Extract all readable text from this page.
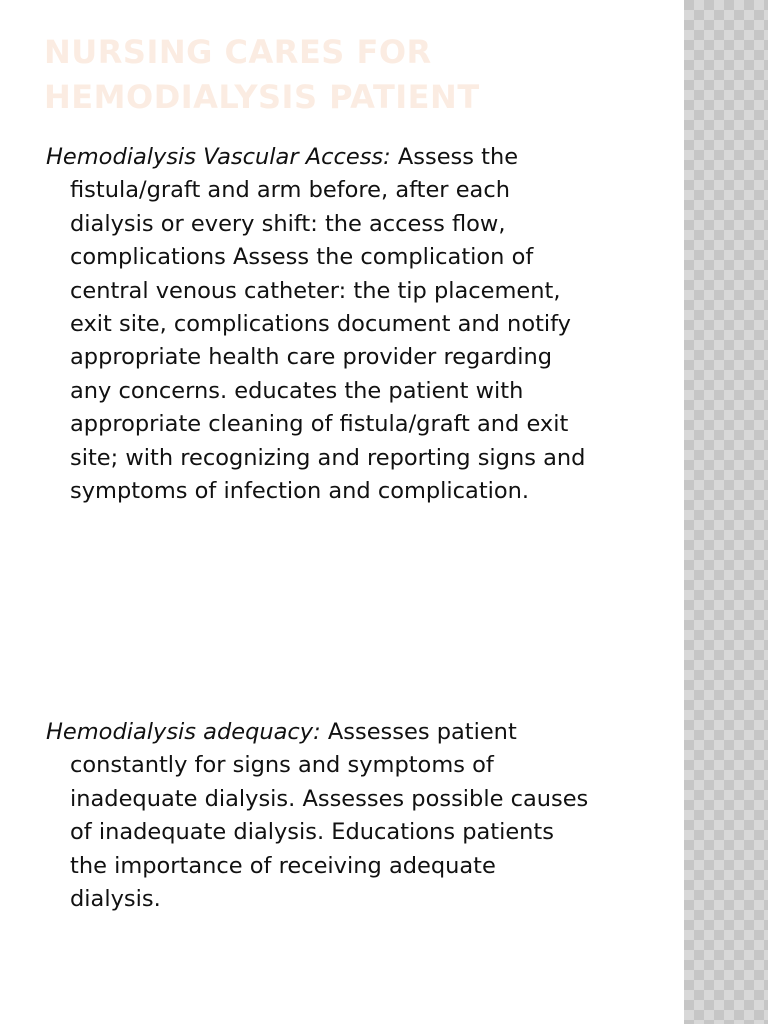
NURSING CARES FOR
HEMODIALYSIS PATIENT

Hemodialysis Vascular Access: Assess the
fistula/graft and arm before, after each
dialysis or every shift: the access flow,
complications Assess the complication of
central venous catheter: the tip placement,
exit site, complications document and notify
appropriate health care provider regarding
any concerns. educates the patient with
appropriate cleaning of fistula/graft and exit
site; with recognizing and reporting signs and
symptoms of infection and complication.

Hemodialysis adequacy: Assesses patient
constantly for signs and symptoms of
inadequate dialysis. Assesses possible causes
of inadequate dialysis. Educations patients
the importance of receiving adequate
dialysis.
